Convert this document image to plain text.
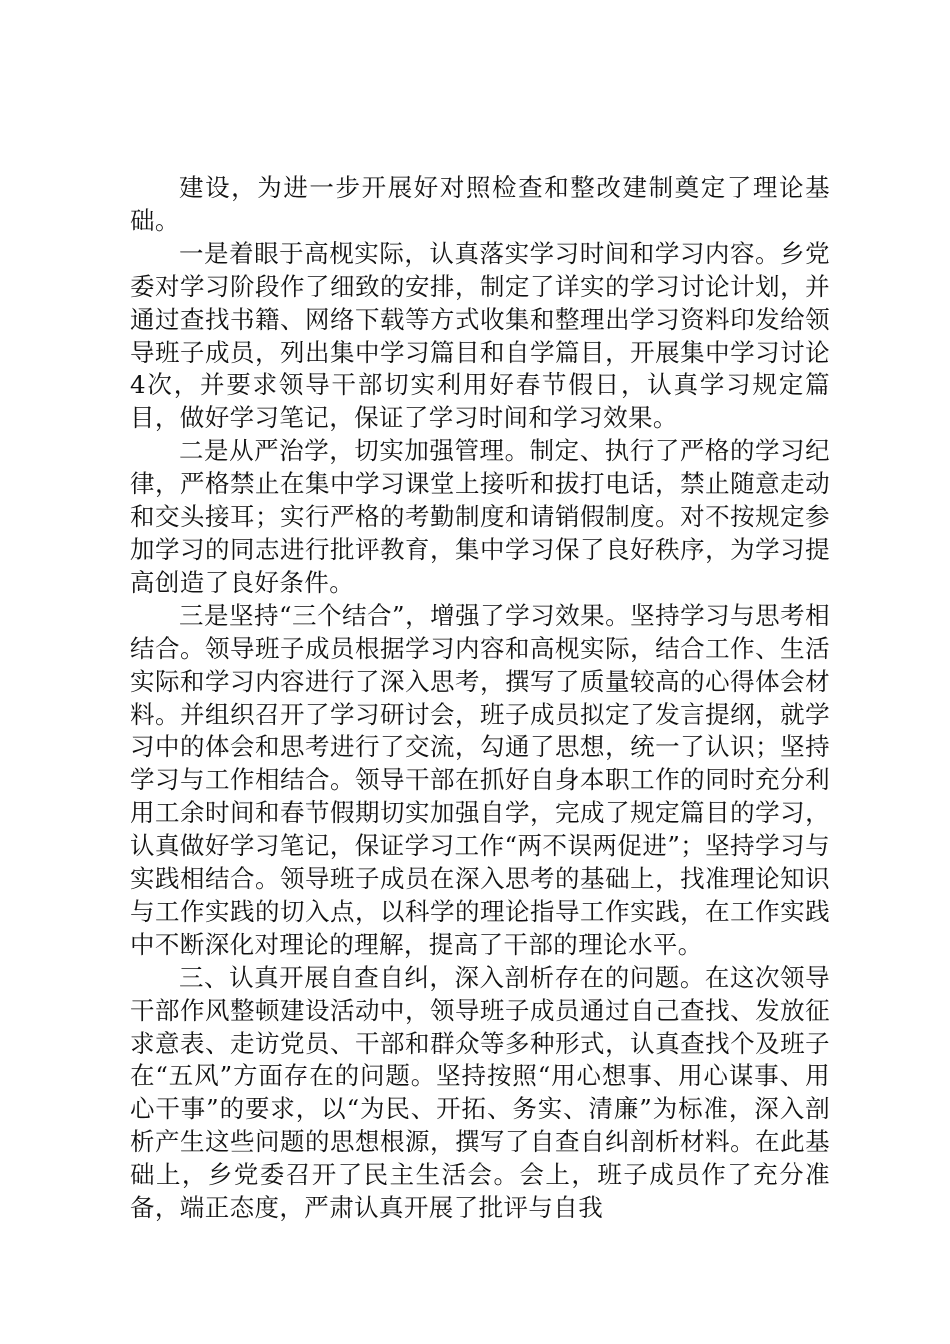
建设，为进一步开展好对照检查和整改建制奠定了理论基础。

一是着眼于高枧实际，认真落实学习时间和学习内容。乡党委对学习阶段作了细致的安排，制定了详实的学习讨论计划，并通过查找书籍、网络下载等方式收集和整理出学习资料印发给领导班子成员，列出集中学习篇目和自学篇目，开展集中学习讨论4次，并要求领导干部切实利用好春节假日，认真学习规定篇目，做好学习笔记，保证了学习时间和学习效果。

二是从严治学，切实加强管理。制定、执行了严格的学习纪律，严格禁止在集中学习课堂上接听和拔打电话，禁止随意走动和交头接耳；实行严格的考勤制度和请销假制度。对不按规定参加学习的同志进行批评教育，集中学习保了良好秩序，为学习提高创造了良好条件。

三是坚持“三个结合”，增强了学习效果。坚持学习与思考相结合。领导班子成员根据学习内容和高枧实际，结合工作、生活实际和学习内容进行了深入思考，撰写了质量较高的心得体会材料。并组织召开了学习研讨会，班子成员拟定了发言提纲，就学习中的体会和思考进行了交流，勾通了思想，统一了认识；坚持学习与工作相结合。领导干部在抓好自身本职工作的同时充分利用工余时间和春节假期切实加强自学，完成了规定篇目的学习，认真做好学习笔记，保证学习工作“两不误两促进”；坚持学习与实践相结合。领导班子成员在深入思考的基础上，找准理论知识与工作实践的切入点，以科学的理论指导工作实践，在工作实践中不断深化对理论的理解，提高了干部的理论水平。

三、认真开展自查自纠，深入剖析存在的问题。在这次领导干部作风整顿建设活动中，领导班子成员通过自己查找、发放征求意表、走访党员、干部和群众等多种形式，认真查找个及班子在“五风”方面存在的问题。坚持按照“用心想事、用心谋事、用心干事”的要求，以“为民、开拓、务实、清廉”为标准，深入剖析产生这些问题的思想根源，撰写了自查自纠剖析材料。在此基础上，乡党委召开了民主生活会。会上，班子成员作了充分准备，端正态度，严肃认真开展了批评与自我
